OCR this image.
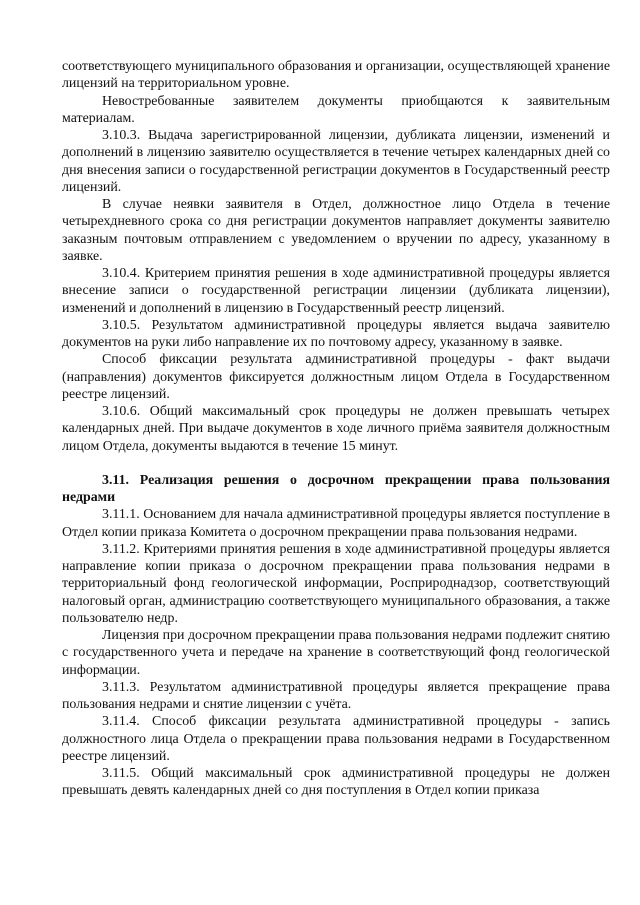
соответствующего муниципального образования и организации, осуществляющей хранение лицензий на территориальном уровне.

Невостребованные заявителем документы приобщаются к заявительным материалам.

3.10.3. Выдача зарегистрированной лицензии, дубликата лицензии, изменений и дополнений в лицензию заявителю осуществляется в течение четырех календарных дней со дня внесения записи о государственной регистрации документов в Государственный реестр лицензий.

В случае неявки заявителя в Отдел, должностное лицо Отдела в течение четырехдневного срока со дня регистрации документов направляет документы заявителю заказным почтовым отправлением с уведомлением о вручении по адресу, указанному в заявке.

3.10.4. Критерием принятия решения в ходе административной процедуры является внесение записи о государственной регистрации лицензии (дубликата лицензии), изменений и дополнений в лицензию в Государственный реестр лицензий.

3.10.5. Результатом административной процедуры является выдача заявителю документов на руки либо направление их по почтовому адресу, указанному в заявке.

Способ фиксации результата административной процедуры - факт выдачи (направления) документов фиксируется должностным лицом Отдела в Государственном реестре лицензий.

3.10.6. Общий максимальный срок процедуры не должен превышать четырех календарных дней. При выдаче документов в ходе личного приёма заявителя должностным лицом Отдела, документы выдаются в течение 15 минут.

3.11. Реализация решения о досрочном прекращении права пользования недрами

3.11.1. Основанием для начала административной процедуры является поступление в Отдел копии приказа Комитета о досрочном прекращении права пользования недрами.

3.11.2. Критериями принятия решения в ходе административной процедуры является направление копии приказа о досрочном прекращении права пользования недрами в территориальный фонд геологической информации, Росприроднадзор, соответствующий налоговый орган, администрацию соответствующего муниципального образования, а также пользователю недр.

Лицензия при досрочном прекращении права пользования недрами подлежит снятию с государственного учета и передаче на хранение в соответствующий фонд геологической информации.

3.11.3. Результатом административной процедуры является прекращение права пользования недрами и снятие лицензии с учёта.

3.11.4. Способ фиксации результата административной процедуры - запись должностного лица Отдела о прекращении права пользования недрами в Государственном реестре лицензий.

3.11.5. Общий максимальный срок административной процедуры не должен превышать девять календарных дней со дня поступления в Отдел копии приказа
